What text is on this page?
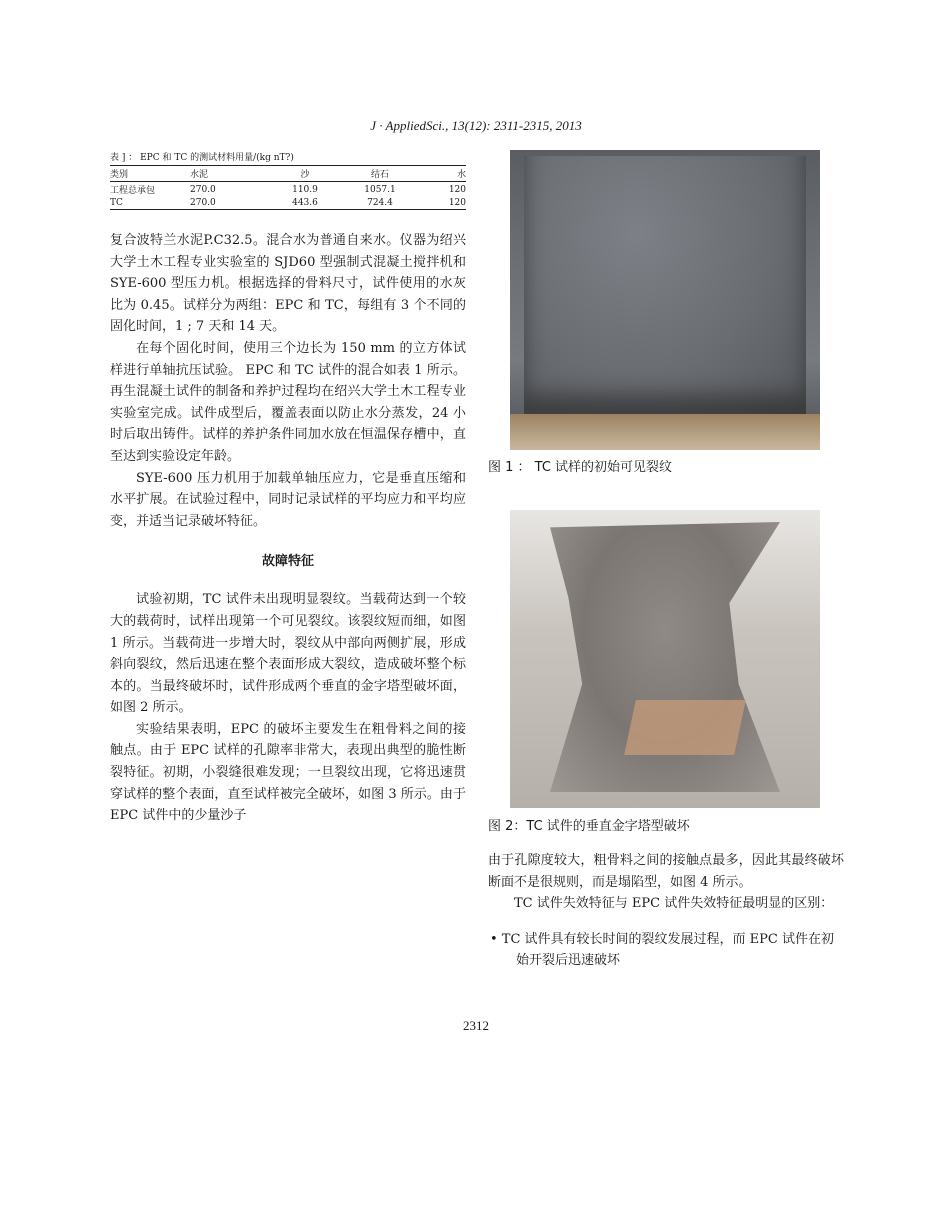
J · AppliedSci., 13(12): 2311-2315, 2013
表 ] ： EPC 和 TC 的测试材料用量/(kg nT?)
类别	水泥	沙	结石	水
工程总承包	270.0	110.9	1057.1	120
TC	270.0	443.6	724.4	120

复合波特兰水泥P.C32.5。混合水为普通自来水。仪器为绍兴大学土木工程专业实验室的 SJD60 型强制式混凝土搅拌机和 SYE-600 型压力机。根据选择的骨料尺寸，试件使用的水灰比为 0.45。试样分为两组：EPC 和 TC，每组有 3 个不同的固化时间，1 ; 7 天和 14 天。

在每个固化时间，使用三个边长为 150 mm 的立方体试样进行单轴抗压试验。 EPC 和 TC 试件的混合如表 1 所示。再生混凝土试件的制备和养护过程均在绍兴大学土木工程专业实验室完成。试件成型后，覆盖表面以防止水分蒸发，24 小时后取出铸件。试样的养护条件同加水放在恒温保存槽中，直至达到实验设定年龄。

SYE-600 压力机用于加载单轴压应力，它是垂直压缩和水平扩展。在试验过程中，同时记录试样的平均应力和平均应变，并适当记录破坏特征。

故障特征

试验初期，TC 试件未出现明显裂纹。当载荷达到一个较大的载荷时，试样出现第一个可见裂纹。该裂纹短而细，如图 1 所示。当载荷进一步增大时，裂纹从中部向两侧扩展，形成斜向裂纹，然后迅速在整个表面形成大裂纹，造成破坏整个标本的。当最终破坏时，试件形成两个垂直的金字塔型破坏面，如图 2 所示。

实验结果表明，EPC 的破坏主要发生在粗骨料之间的接触点。由于 EPC 试样的孔隙率非常大，表现出典型的脆性断裂特征。初期，小裂缝很难发现；一旦裂纹出现，它将迅速贯穿试样的整个表面，直至试样被完全破坏，如图 3 所示。由于 EPC 试件中的少量沙子

图 1 ： TC 试样的初始可见裂纹
图 2：TC 试件的垂直金字塔型破坏

由于孔隙度较大，粗骨料之间的接触点最多，因此其最终破坏断面不是很规则，而是塌陷型，如图 4 所示。

TC 试件失效特征与 EPC 试件失效特征最明显的区别：

• TC 试件具有较长时间的裂纹发展过程，而 EPC 试件在初始开裂后迅速破坏

2312
